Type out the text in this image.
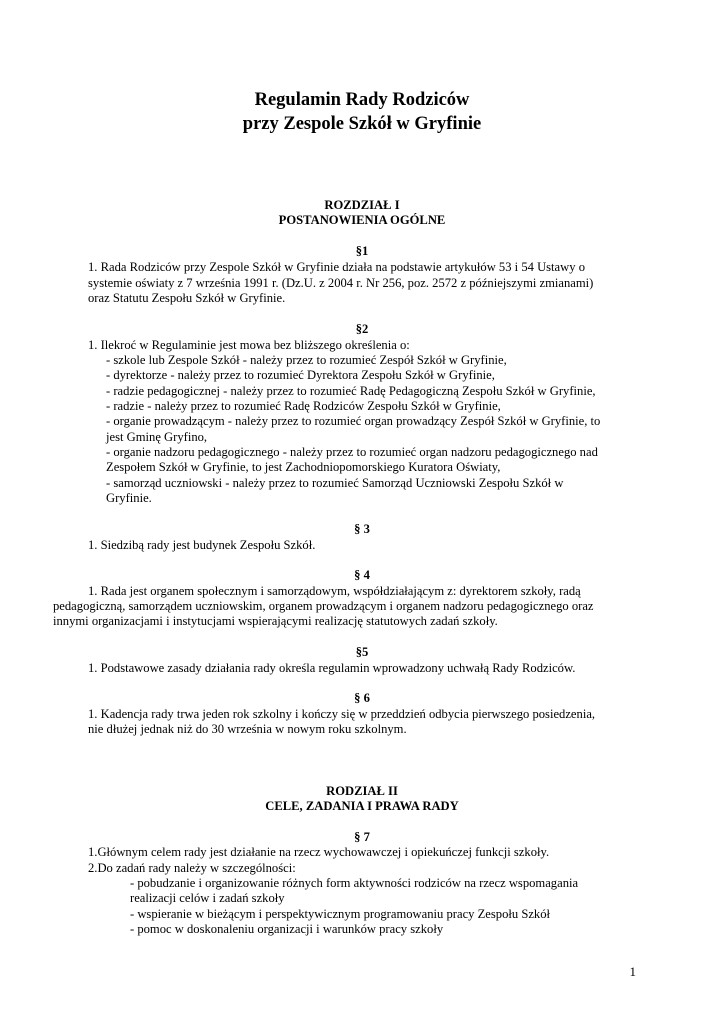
Regulamin Rady Rodziców
przy Zespole Szkół w Gryfinie
ROZDZIAŁ I
POSTANOWIENIA OGÓLNE
§1
1. Rada Rodziców przy Zespole Szkół w Gryfinie działa na podstawie artykułów 53 i 54 Ustawy o
systemie oświaty z 7 września 1991 r. (Dz.U. z 2004 r. Nr 256, poz. 2572 z późniejszymi zmianami)
oraz Statutu Zespołu Szkół w Gryfinie.
§2
1. Ilekroć w Regulaminie jest mowa bez bliższego określenia o:
- szkole lub Zespole Szkół - należy przez to rozumieć Zespół Szkół w Gryfinie,
- dyrektorze - należy przez to rozumieć Dyrektora Zespołu Szkół w Gryfinie,
- radzie pedagogicznej - należy przez to rozumieć Radę Pedagogiczną Zespołu Szkół w Gryfinie,
- radzie - należy przez to rozumieć Radę Rodziców Zespołu Szkół w Gryfinie,
- organie prowadzącym - należy przez to rozumieć organ prowadzący Zespół Szkół w Gryfinie, to
jest Gminę Gryfino,
- organie nadzoru pedagogicznego - należy przez to rozumieć organ nadzoru pedagogicznego nad
Zespołem Szkół w Gryfinie, to jest Zachodniopomorskiego Kuratora Oświaty,
- samorząd uczniowski - należy przez to rozumieć Samorząd Uczniowski Zespołu Szkół w
Gryfinie.
§ 3
1. Siedzibą rady jest budynek Zespołu Szkół.
§ 4
1. Rada jest organem społecznym i samorządowym, współdziałającym z: dyrektorem szkoły, radą
pedagogiczną, samorządem uczniowskim, organem prowadzącym i organem nadzoru pedagogicznego oraz
innymi organizacjami i instytucjami wspierającymi realizację statutowych zadań szkoły.
§5
1. Podstawowe zasady działania rady określa regulamin wprowadzony uchwałą Rady Rodziców.
§ 6
1. Kadencja rady trwa jeden rok szkolny i kończy się w przeddzień odbycia pierwszego posiedzenia,
nie dłużej jednak niż do 30 września w nowym roku szkolnym.
RODZIAŁ II
CELE, ZADANIA I PRAWA RADY
§ 7
1.Głównym celem rady jest działanie na rzecz wychowawczej i opiekuńczej funkcji szkoły.
2.Do zadań rady należy w szczególności:
- pobudzanie i organizowanie różnych form aktywności rodziców na rzecz wspomagania
realizacji celów i zadań szkoły
- wspieranie w bieżącym i perspektywicznym programowaniu pracy Zespołu Szkół
- pomoc w doskonaleniu organizacji i warunków pracy szkoły
1
